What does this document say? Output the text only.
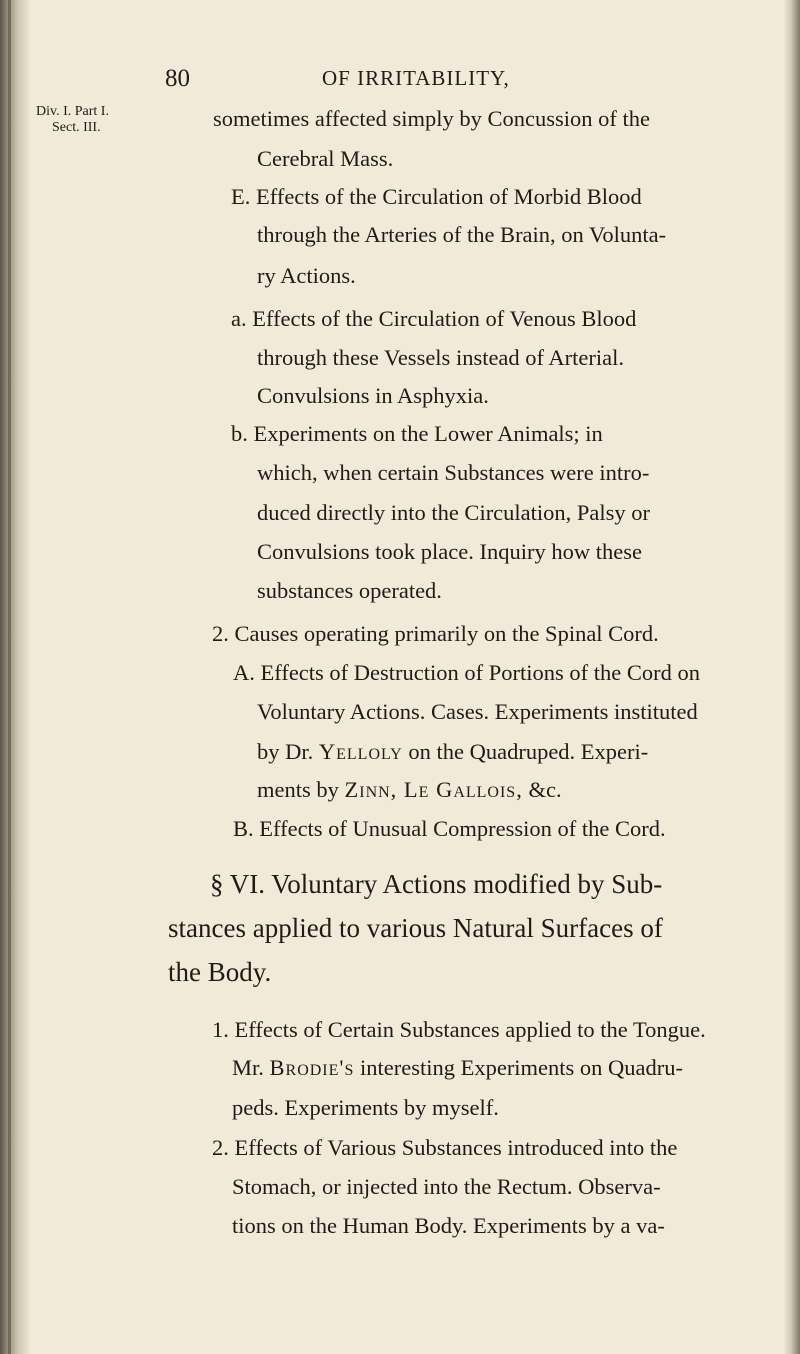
80	OF IRRITABILITY,
Div. I. Part I.
Sect. III.	sometimes affected simply by Concussion of the
Cerebral Mass.
E. Effects of the Circulation of Morbid Blood
through the Arteries of the Brain, on Volunta-
ry Actions.
a. Effects of the Circulation of Venous Blood
through these Vessels instead of Arterial.
Convulsions in Asphyxia.
b. Experiments on the Lower Animals; in
which, when certain Substances were intro-
duced directly into the Circulation, Palsy or
Convulsions took place. Inquiry how these
substances operated.
2. Causes operating primarily on the Spinal Cord.
A. Effects of Destruction of Portions of the Cord on
Voluntary Actions. Cases. Experiments instituted
by Dr. Yelloly on the Quadruped. Experi-
ments by Zinn, Le Gallois, &c.
B. Effects of Unusual Compression of the Cord.
§ VI. Voluntary Actions modified by Sub-
stances applied to various Natural Surfaces of
the Body.
1. Effects of Certain Substances applied to the Tongue.
Mr. Brodie's interesting Experiments on Quadru-
peds. Experiments by myself.
2. Effects of Various Substances introduced into the
Stomach, or injected into the Rectum. Observa-
tions on the Human Body. Experiments by a va-
